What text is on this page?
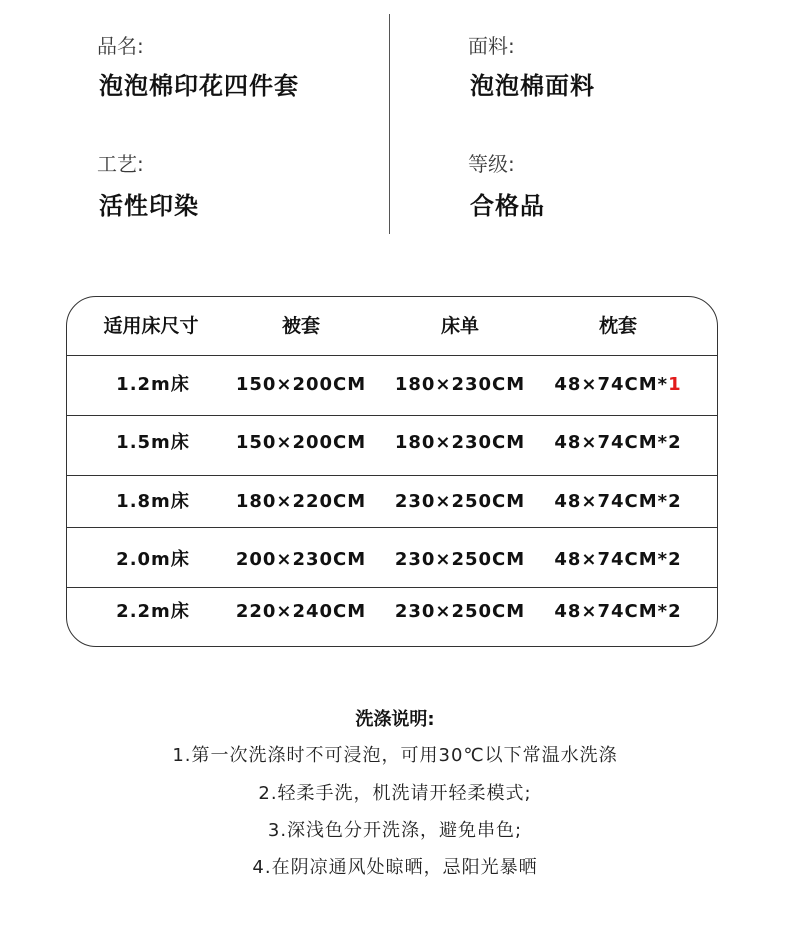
品名:
泡泡棉印花四件套
面料:
泡泡棉面料
工艺:
活性印染
等级:
合格品
适用床尺寸	被套	床单	枕套
1.2m床	150×200CM	180×230CM	48×74CM*1
1.5m床	150×200CM	180×230CM	48×74CM*2
1.8m床	180×220CM	230×250CM	48×74CM*2
2.0m床	200×230CM	230×250CM	48×74CM*2
2.2m床	220×240CM	230×250CM	48×74CM*2
洗涤说明:
1.第一次洗涤时不可浸泡，可用30℃以下常温水洗涤
2.轻柔手洗，机洗请开轻柔模式;
3.深浅色分开洗涤，避免串色;
4.在阴凉通风处晾晒，忌阳光暴晒
